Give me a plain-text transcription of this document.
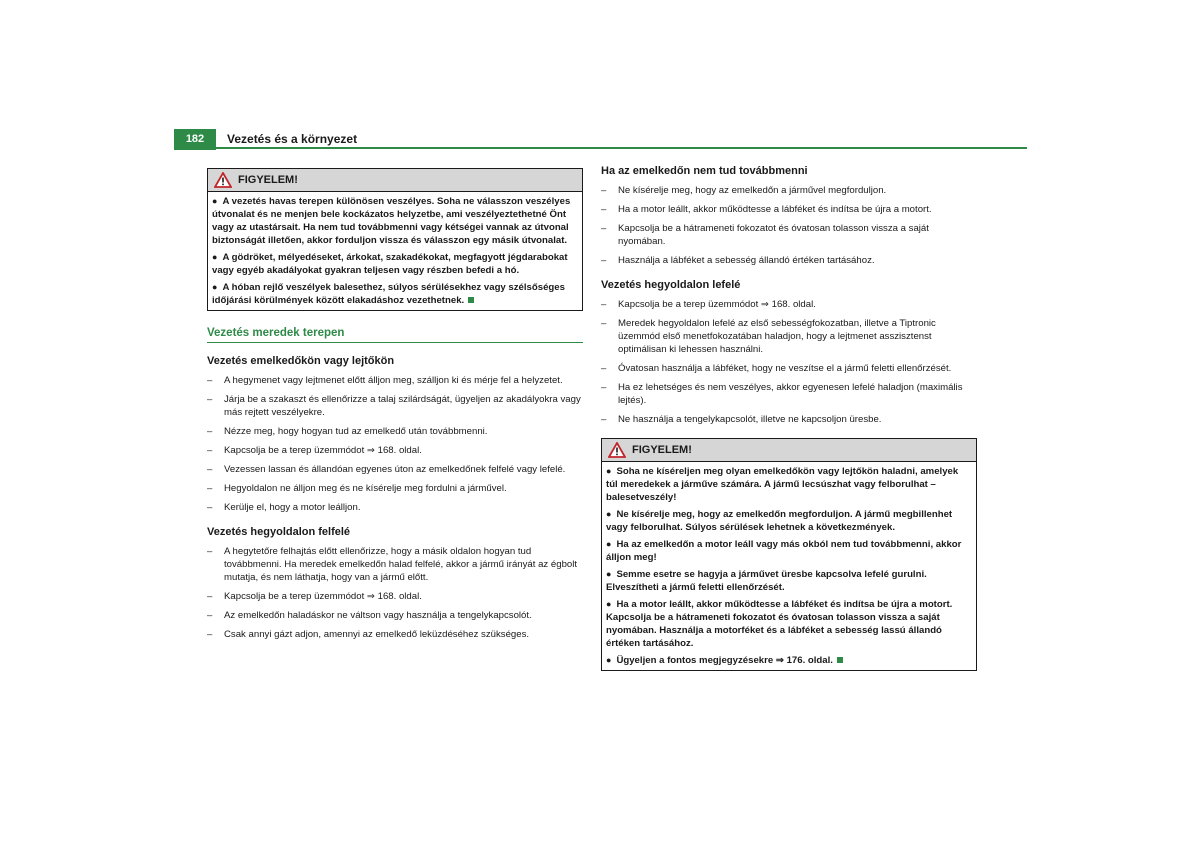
182	Vezetés és a környezet
FIGYELEM!

● A vezetés havas terepen különösen veszélyes. Soha ne válasszon veszélyes útvonalat és ne menjen bele kockázatos helyzetbe, ami veszélyeztethetné Önt vagy az utastársait. Ha nem tud továbbmenni vagy kétségei vannak az útvonal biztonságát illetően, akkor forduljon vissza és válasszon egy másik útvonalat.

● A gödröket, mélyedéseket, árkokat, szakadékokat, megfagyott jégdarabokat vagy egyéb akadályokat gyakran teljesen vagy részben befedi a hó.

● A hóban rejlő veszélyek balesethez, súlyos sérülésekhez vagy szélsőséges időjárási körülmények között elakadáshoz vezethetnek.

Vezetés meredek terepen
Vezetés emelkedőkön vagy lejtőkön
– A hegymenet vagy lejtmenet előtt álljon meg, szálljon ki és mérje fel a helyzetet.
– Járja be a szakaszt és ellenőrizze a talaj szilárdságát, ügyeljen az akadályokra vagy más rejtett veszélyekre.
– Nézze meg, hogy hogyan tud az emelkedő után továbbmenni.
– Kapcsolja be a terep üzemmódot ⇒ 168. oldal.
– Vezessen lassan és állandóan egyenes úton az emelkedőnek felfelé vagy lefelé.
– Hegyoldalon ne álljon meg és ne kísérelje meg fordulni a járművel.
– Kerülje el, hogy a motor leálljon.
Vezetés hegyoldalon felfelé
– A hegytetőre felhajtás előtt ellenőrizze, hogy a másik oldalon hogyan tud továbbmenni. Ha meredek emelkedőn halad felfelé, akkor a jármű irányát az égbolt mutatja, és nem láthatja, hogy van a jármű előtt.
– Kapcsolja be a terep üzemmódot ⇒ 168. oldal.
– Az emelkedőn haladáskor ne váltson vagy használja a tengelykapcsolót.
– Csak annyi gázt adjon, amennyi az emelkedő leküzdéséhez szükséges.
Ha az emelkedőn nem tud továbbmenni
– Ne kísérelje meg, hogy az emelkedőn a járművel megforduljon.
– Ha a motor leállt, akkor működtesse a lábféket és indítsa be újra a motort.
– Kapcsolja be a hátrameneti fokozatot és óvatosan tolasson vissza a saját nyomában.
– Használja a lábféket a sebesség állandó értéken tartásához.
Vezetés hegyoldalon lefelé
– Kapcsolja be a terep üzemmódot ⇒ 168. oldal.
– Meredek hegyoldalon lefelé az első sebességfokozatban, illetve a Tiptronic üzemmód első menetfokozatában haladjon, hogy a lejtmenet asszisztenst optimálisan ki lehessen használni.
– Óvatosan használja a lábféket, hogy ne veszítse el a jármű feletti ellenőrzését.
– Ha ez lehetséges és nem veszélyes, akkor egyenesen lefelé haladjon (maximális lejtés).
– Ne használja a tengelykapcsolót, illetve ne kapcsoljon üresbe.
FIGYELEM!

● Soha ne kíséreljen meg olyan emelkedőkön vagy lejtőkön haladni, amelyek túl meredekek a járműve számára. A jármű lecsúszhat vagy felborulhat – balesetveszély!

● Ne kísérelje meg, hogy az emelkedőn megforduljon. A jármű megbillenhet vagy felborulhat. Súlyos sérülések lehetnek a következmények.

● Ha az emelkedőn a motor leáll vagy más okból nem tud továbbmenni, akkor álljon meg!

● Semme esetre se hagyja a járművet üresbe kapcsolva lefelé gurulni. Elveszítheti a jármű feletti ellenőrzését.

● Ha a motor leállt, akkor működtesse a lábféket és indítsa be újra a motort. Kapcsolja be a hátrameneti fokozatot és óvatosan tolasson vissza a saját nyomában. Használja a motorféket és a lábféket a sebesség lassú állandó értéken tartásához.

● Ügyeljen a fontos megjegyzésekre ⇒ 176. oldal.
